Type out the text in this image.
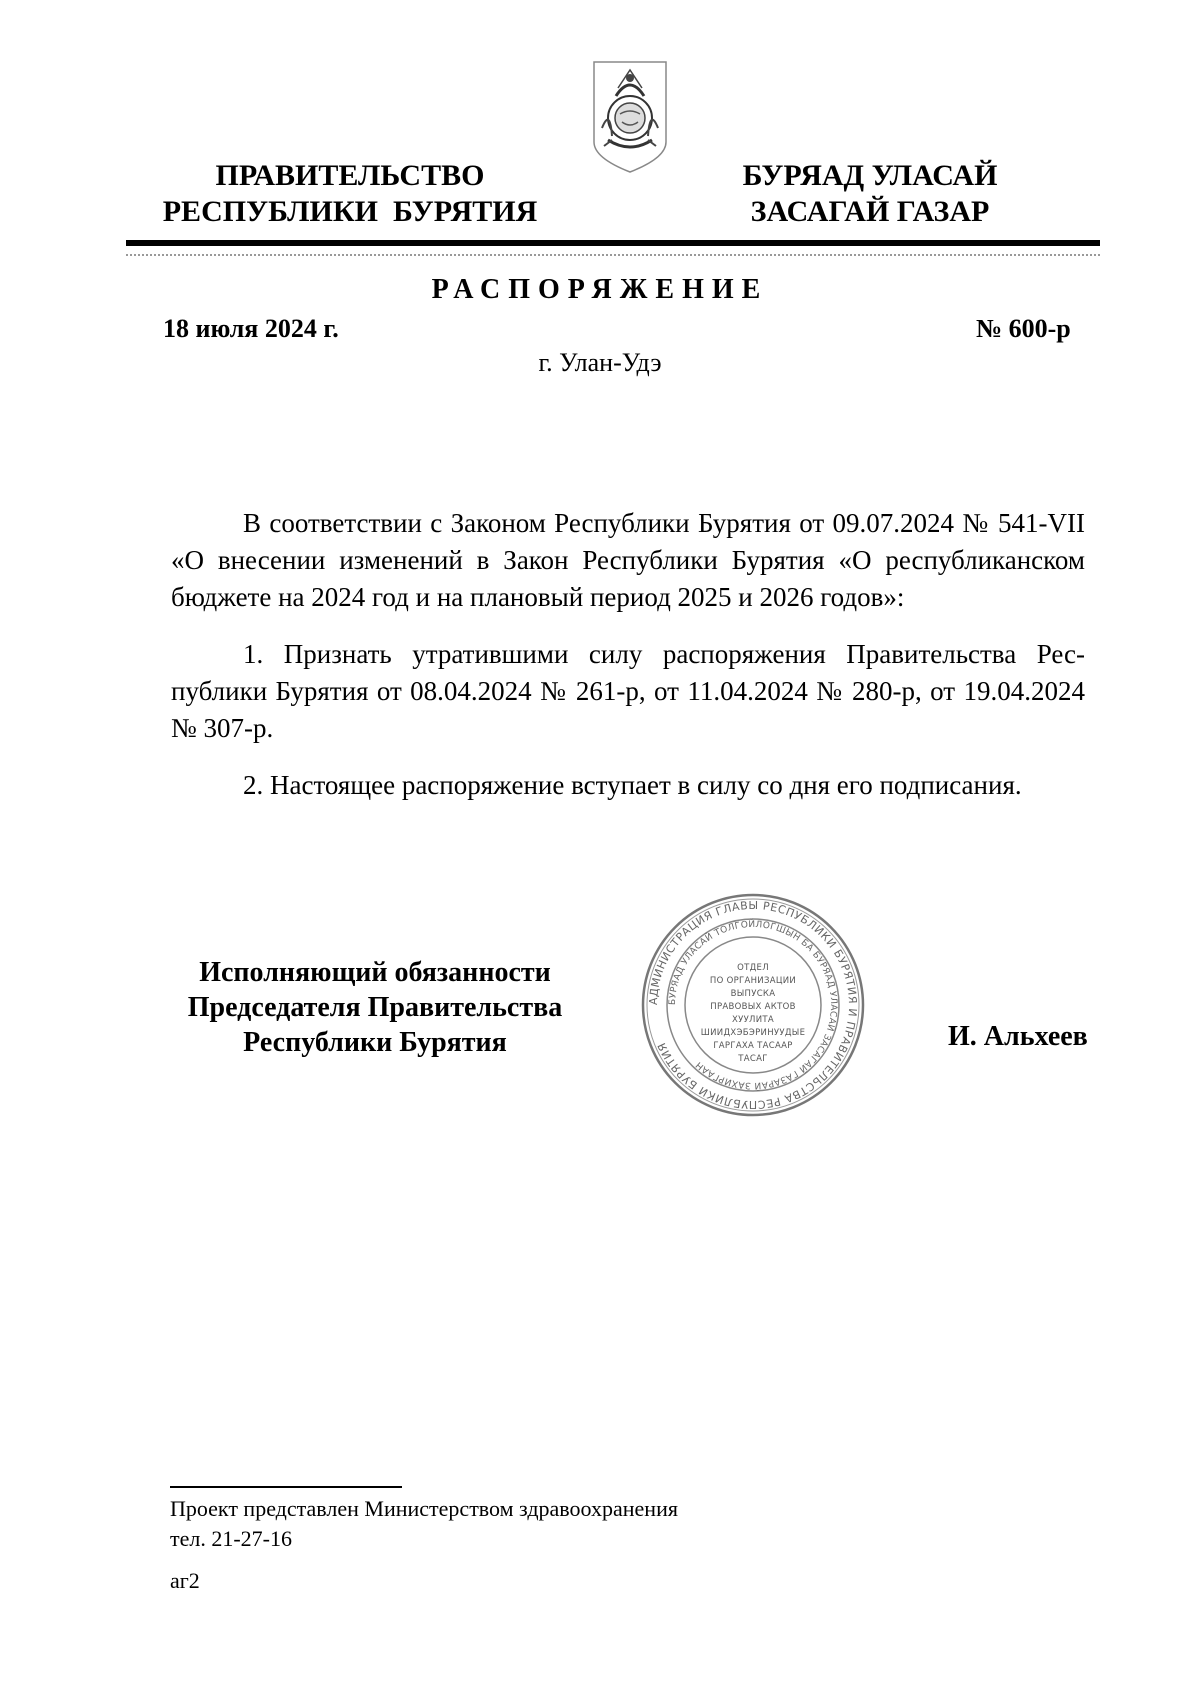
ПРАВИТЕЛЬСТВО
РЕСПУБЛИКИ  БУРЯТИЯ
БУРЯАД УЛАСАЙ
ЗАСАГАЙ ГАЗАР
РАСПОРЯЖЕНИЕ
18 июля 2024 г.	№ 600-р
г. Улан-Удэ
В соответствии с Законом Республики Бурятия от 09.07.2024 № 541-VII «О внесении изменений в Закон Республики Бурятия «О республиканском бюджете на 2024 год и на плановый период 2025 и 2026 годов»:
1. Признать утратившими силу распоряжения Правительства Рес-публики Бурятия от 08.04.2024 № 261-р, от 11.04.2024 № 280-р, от 19.04.2024 № 307-р.
2. Настоящее распоряжение вступает в силу со дня его подписания.
Исполняющий обязанности
Председателя Правительства
Республики Бурятия	И. Альхеев
АДМИНИСТРАЦИЯ ГЛАВЫ РЕСПУБЛИКИ БУРЯТИЯ И ПРАВИТЕЛЬСТВА РЕСПУБЛИКИ БУРЯТИЯ
БУРЯАД УЛАСАЙ ТОЛГОЙЛОГШЫН БА БУРЯАД УЛАСАЙ ЗАСАГАЙ ГАЗАРАЙ ЗАХИРГААН
ОТДЕЛ
ПО ОРГАНИЗАЦИИ
ВЫПУСКА
ПРАВОВЫХ АКТОВ
ХУУЛИТА
ШИИДХЭБЭРИНУУДЫЕ
ГАРГАХА ТАСААР
ТАСАГ
Проект представлен Министерством здравоохранения
тел. 21-27-16
аг2
